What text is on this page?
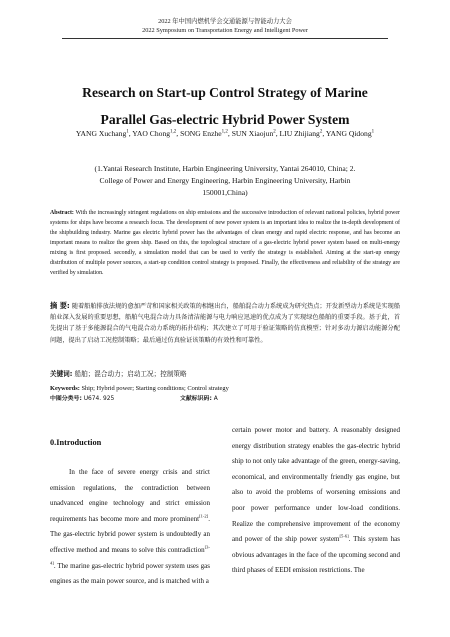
2022 年中国内燃机学会交通能源与智能动力大会
2022 Symposium on Transportation Energy and Intelligent Power
Research on Start-up Control Strategy of Marine
Parallel Gas-electric Hybrid Power System
YANG Xuchang$^1$, YAO Chong$^{1,2}$, SONG Enzhe$^{1,2}$, SUN Xiaojun$^2$, LIU Zhijiang$^2$, YANG Qidong$^1$
(1.Yantai Research Institute, Harbin Engineering University, Yantai 264010, China; 2.
College of Power and Energy Engineering, Harbin Engineering University, Harbin
150001,China)
Abstract: With the increasingly stringent regulations on ship emissions and the successive introduction of relevant national policies, hybrid power systems for ships have become a research focus. The development of new power system is an important idea to realize the in-depth development of the shipbuilding industry. Marine gas electric hybrid power has the advantages of clean energy and rapid electric response, and has become an important means to realize the green ship. Based on this, the topological structure of a gas-electric hybrid power system based on multi-energy mixing is first proposed. secondly, a simulation model that can be used to verify the strategy is established. Aiming at the start-up energy distribution of multiple power sources, a start-up condition control strategy is proposed. Finally, the effectiveness and reliability of the strategy are verified by simulation.
摘 要: 随着船舶排放法规的愈加严苛和国家相关政策的相继出台，船舶混合动力系统成为研究热点；开发新型动力系统是实现船舶业深入发展的重要思想，船舶气电混合动力具备清洁能源与电力响应迅速的优点成为了实现绿色船舶的重要手段。基于此，首先提出了基于多能源混合的气电混合动力系统的拓扑结构；其次建立了可用于验证策略的仿真模型；针对多动力源启动能源分配问题，提出了启动工况控制策略；最后通过仿真验证该策略的有效性和可靠性。
关键词: 船舶；混合动力；启动工况；控制策略
Keywords: Ship; Hybrid power; Starting conditions; Control strategy
中图分类号: U674. 925	文献标识码: A
0.Introduction

In the face of severe energy crisis and strict emission regulations, the contradiction between unadvanced engine technology and strict emission requirements has become more and more prominent[1-2]. The gas-electric hybrid power system is undoubtedly an effective method and means to solve this contradiction[3-4]. The marine gas-electric hybrid power system uses gas engines as the main power source, and is matched with a

certain power motor and battery. A reasonably designed energy distribution strategy enables the gas-electric hybrid ship to not only take advantage of the green, energy-saving, economical, and environmentally friendly gas engine, but also to avoid the problems of worsening emissions and poor power performance under low-load conditions. Realize the comprehensive improvement of the economy and power of the ship power system[5-6]. This system has obvious advantages in the face of the upcoming second and third phases of EEDI emission restrictions. The
